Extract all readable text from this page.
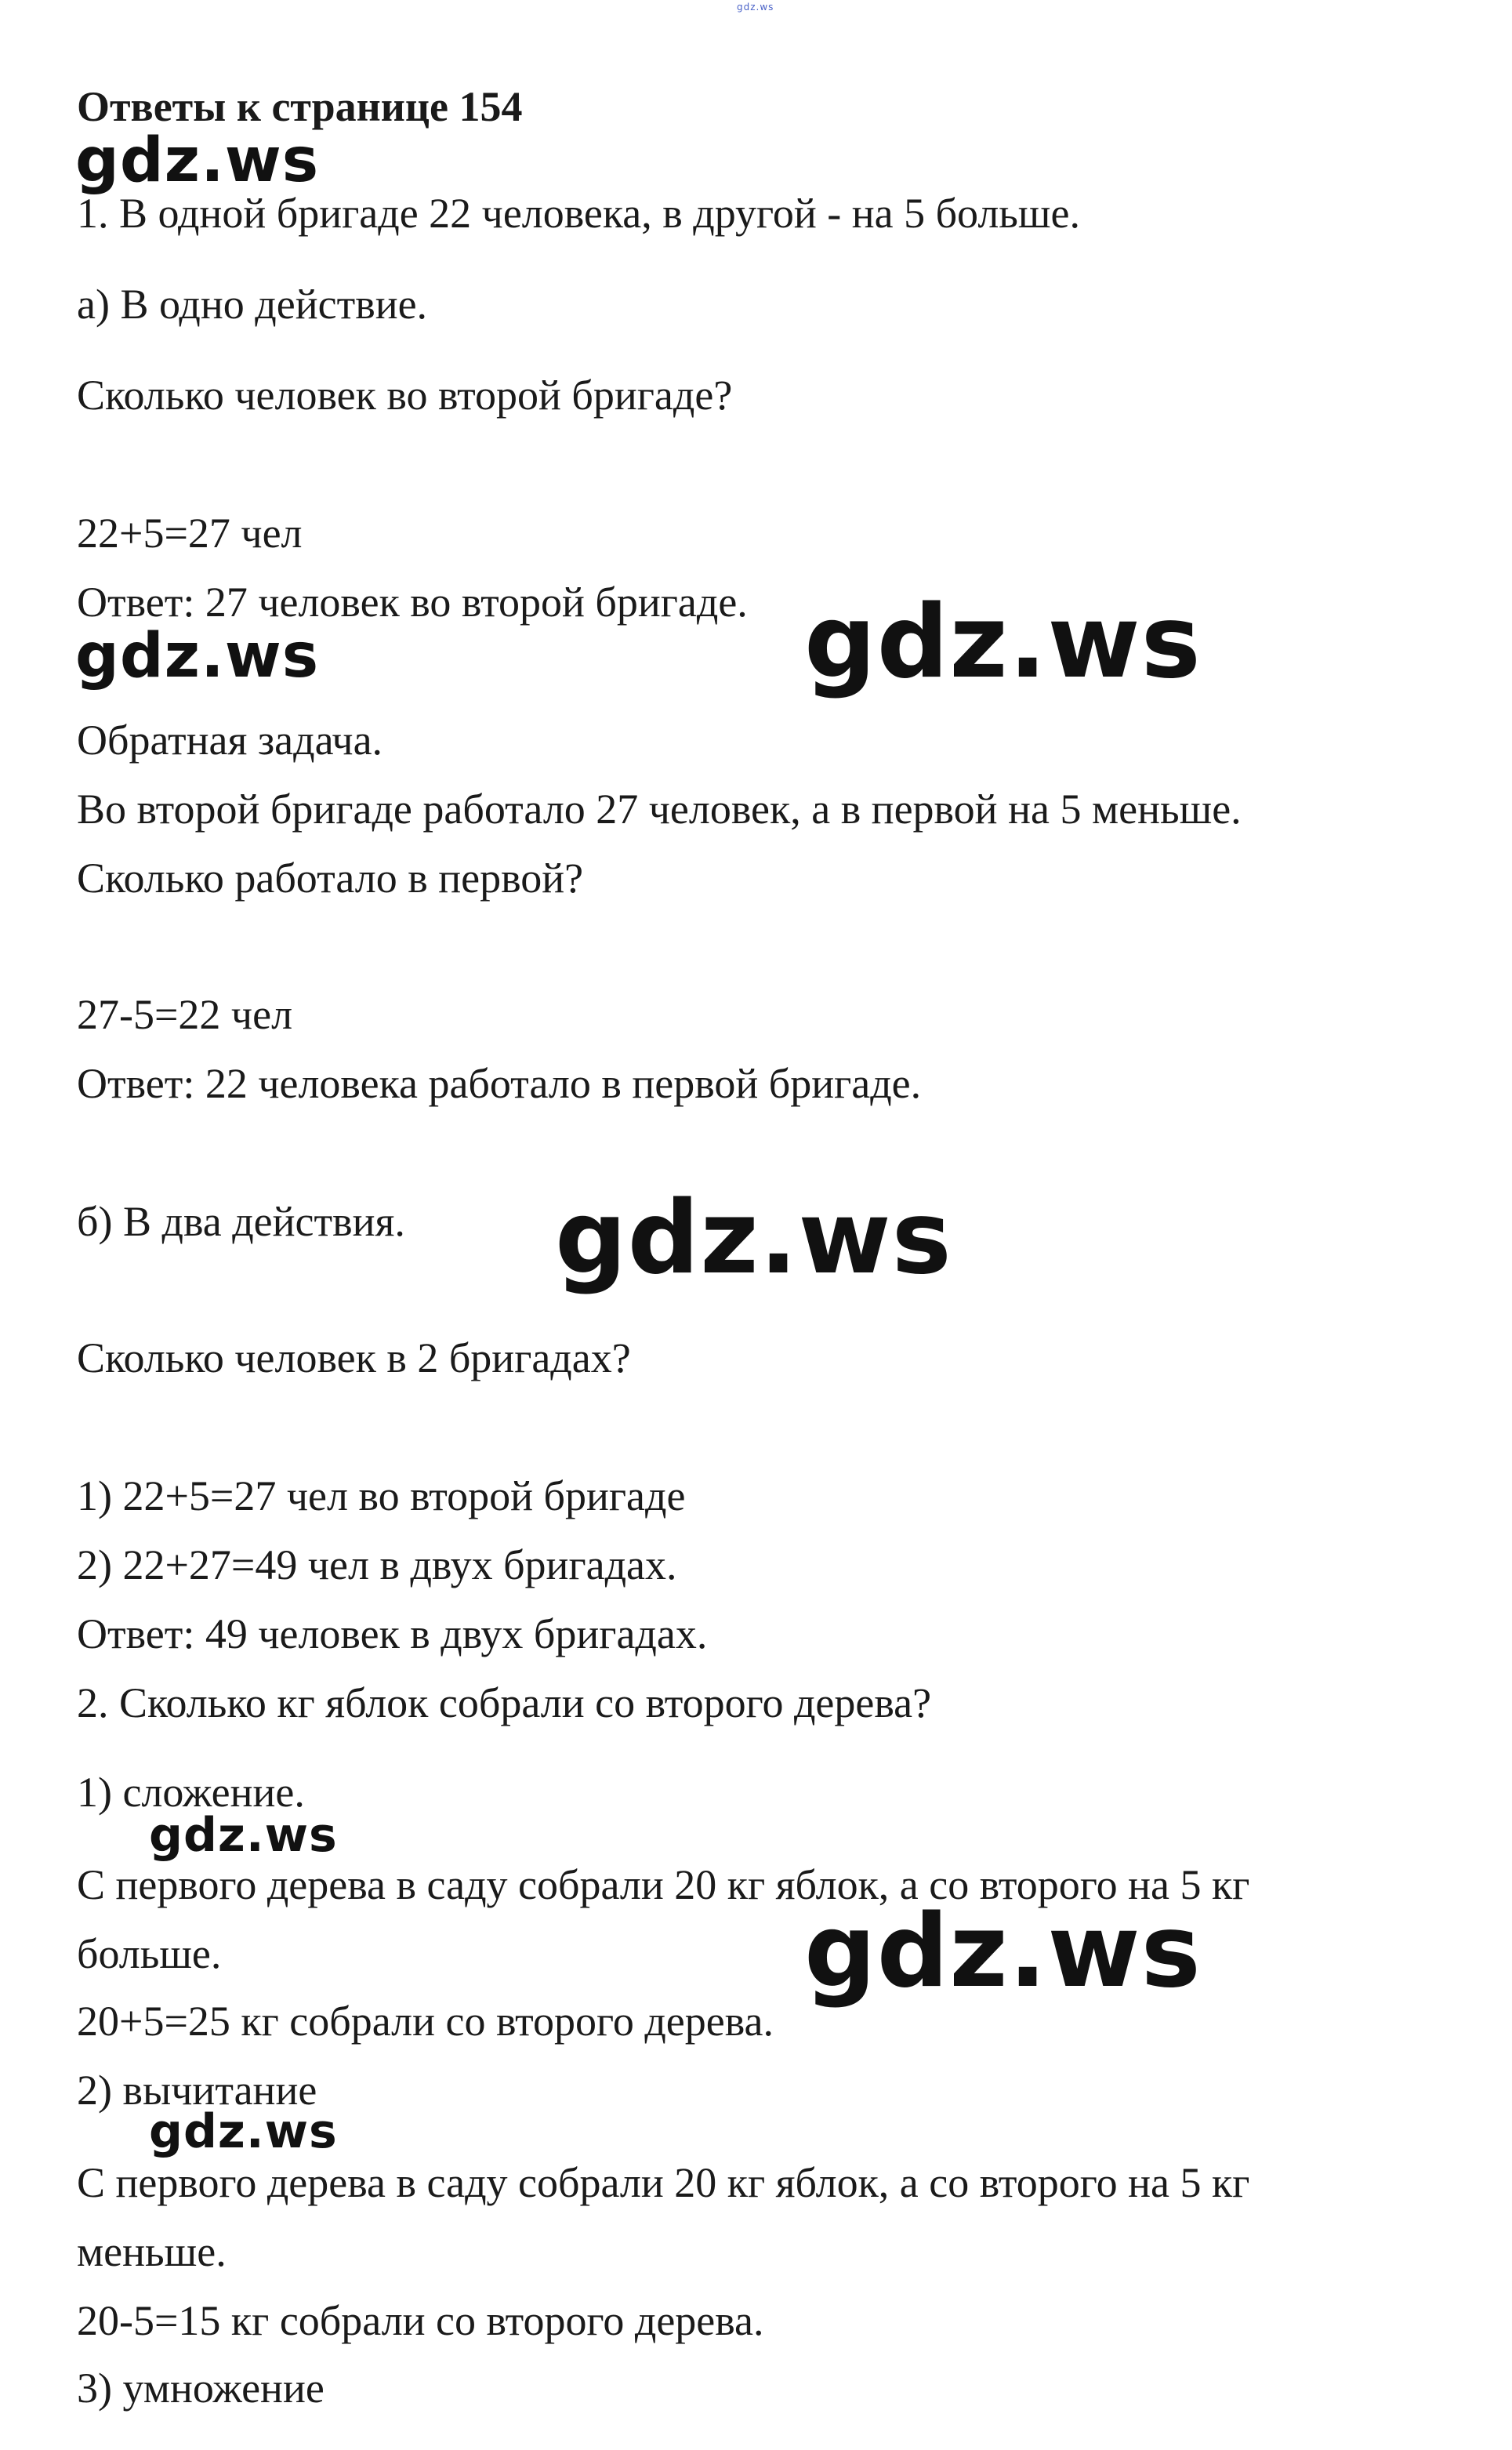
gdz.ws
Ответы к странице 154
1. В одной бригаде 22 человека, в другой - на 5 больше.
а) В одно действие.
Сколько человек во второй бригаде?
22+5=27 чел
Ответ: 27 человек во второй бригаде.
Обратная задача.
Во второй бригаде работало 27 человек, а в первой на 5 меньше.
Сколько работало в первой?
27-5=22 чел
Ответ: 22 человека работало в первой бригаде.
б) В два действия.
Сколько человек в 2 бригадах?
1) 22+5=27 чел во второй бригаде
2) 22+27=49 чел в двух бригадах.
Ответ: 49 человек в двух бригадах.
2. Сколько кг яблок собрали со второго дерева?
1) сложение.
С первого дерева в саду собрали 20 кг яблок, а со второго на 5 кг
больше.
20+5=25 кг собрали со второго дерева.
2) вычитание
С первого дерева в саду собрали 20 кг яблок, а со второго на 5 кг
меньше.
20-5=15 кг собрали со второго дерева.
3) умножение
gdz.ws
gdz.ws	gdz.ws
gdz.ws
gdz.ws
gdz.ws
gdz.ws
